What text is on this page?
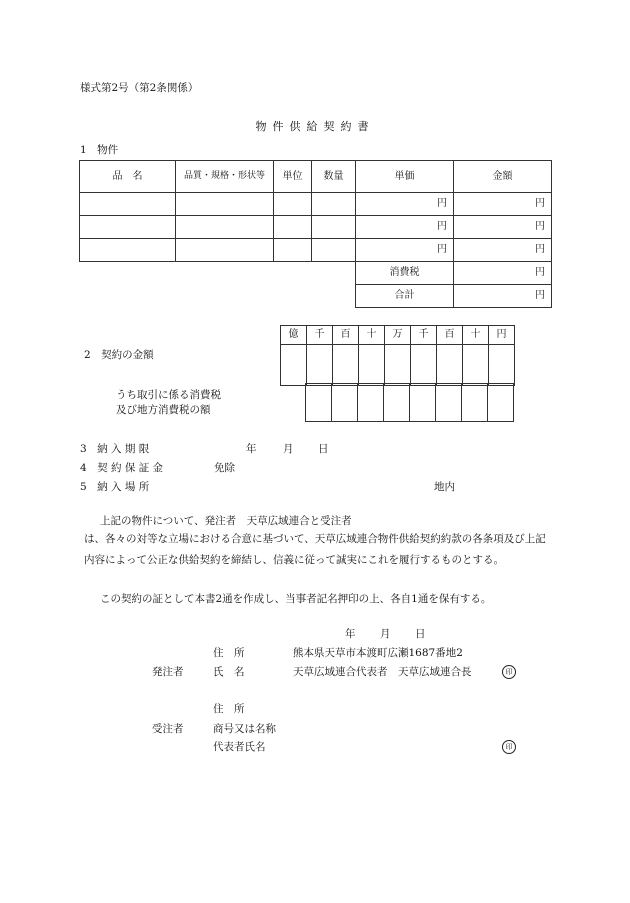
様式第2号（第2条関係）
物件供給契約書
1　物件
品　名	品質・規格・形状等	単位	数量	単価	金額
				円	円
				円	円
				円	円
				消費税	円
				合計	円
億	千	百	十	万	千	百	十	円

2　契約の金額
うち取引に係る消費税
及び地方消費税の額
3　納 入 期 限	年	月 日
4　契 約 保 証 金	免除
5　納 入 場 所	地内
上記の物件について、発注者　天草広域連合と受注者
は、各々の対等な立場における合意に基づいて、天草広域連合物件供給契約約款の各条項及び上記内容によって公正な供給契約を締結し、信義に従って誠実にこれを履行するものとする。
この契約の証として本書2通を作成し、当事者記名押印の上、各自1通を保有する。
年 月 日
住　所	熊本県天草市本渡町広瀬1687番地2
発注者	氏　名	天草広域連合代表者　天草広域連合長	印
住　所
受注者	商号又は名称
代表者氏名	印
